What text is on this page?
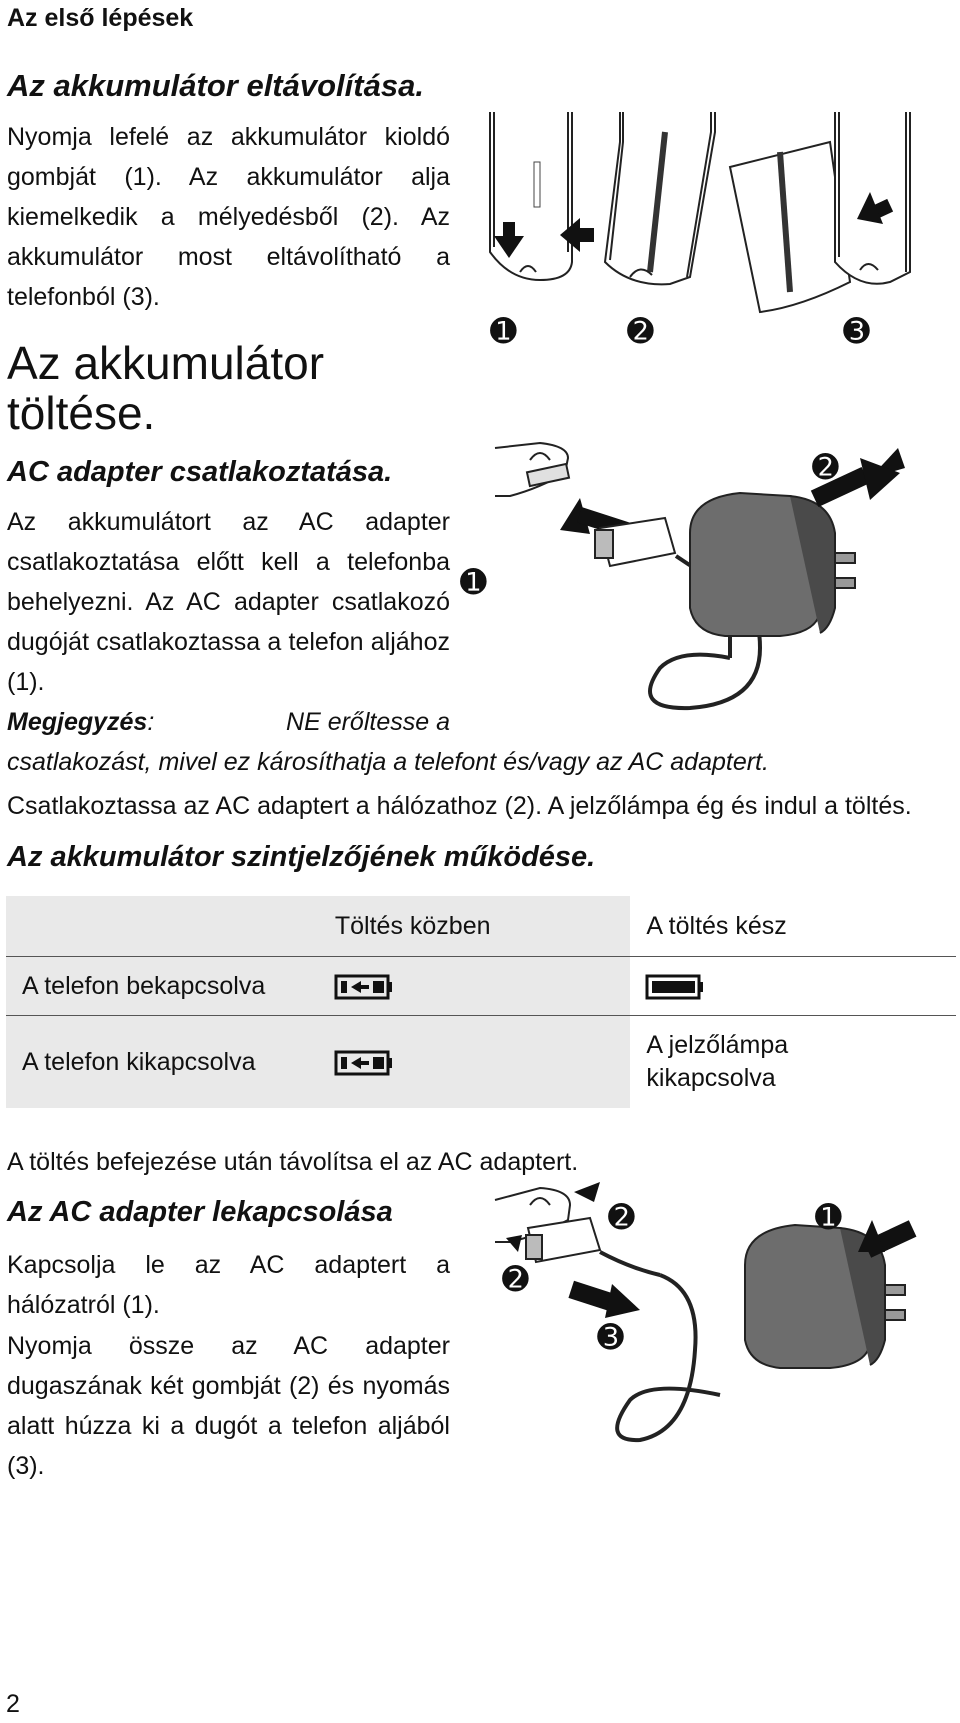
Az első lépések
Az akkumulátor eltávolítása.
Nyomja lefelé az akkumulátor kioldó gombját (1). Az akkumulátor alja kiemelkedik a mélyedésből (2). Az akkumulátor most eltávolítható a telefonból (3).
➊	➋	➌
Az akkumulátor
töltése.
AC adapter csatlakoztatása.
Az akkumulátort az AC adapter csatlakoztatása előtt kell a telefonba behelyezni. Az AC adapter csatlakozó dugóját csatlakoztassa a telefon aljához (1).
Megjegyzés:	NE erőltesse a
csatlakozást, mivel ez károsíthatja a telefont és/vagy az AC adaptert.
Csatlakoztassa az AC adaptert a hálózathoz (2). A jelzőlámpa ég és indul a töltés.
➊
➋
Az akkumulátor szintjelzőjének működése.
	Töltés közben	A töltés kész
A telefon bekapcsolva		
A telefon kikapcsolva		A jelzőlámpa
kikapcsolva
A töltés befejezése után távolítsa el az AC adaptert.
Az AC adapter lekapcsolása
Kapcsolja le az AC adaptert a hálózatról (1).
Nyomja össze az AC adapter dugaszának két gombját (2) és nyomás alatt húzza ki a dugót a telefon aljából (3).
➋	➊
➋
➌
2
